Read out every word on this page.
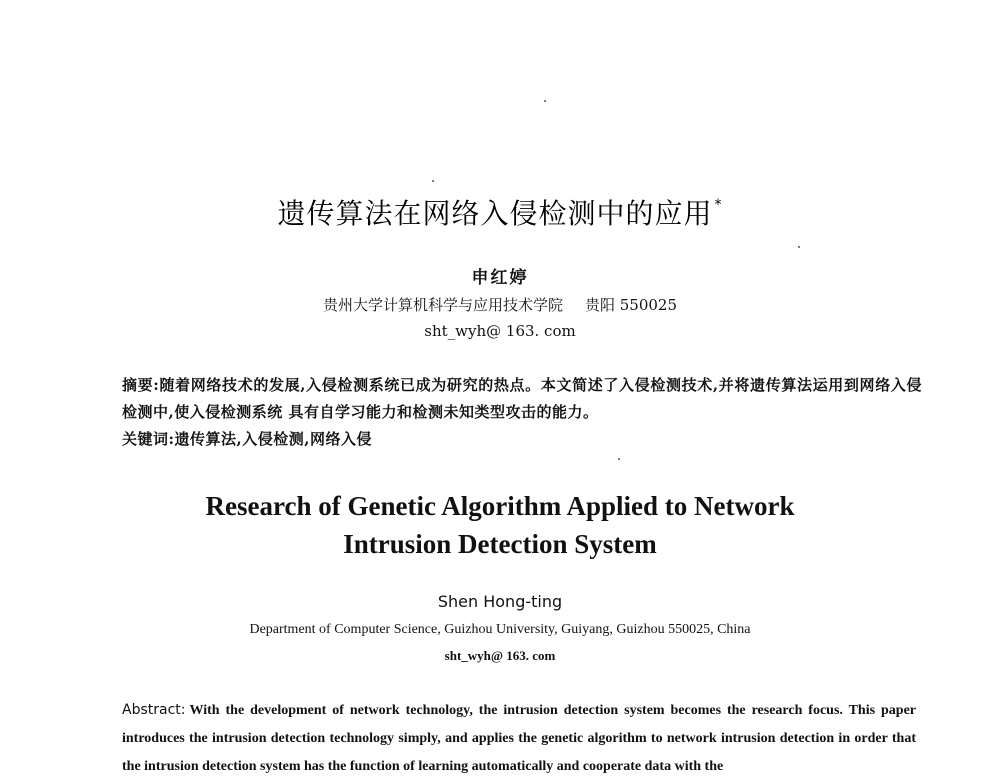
遗传算法在网络入侵检测中的应用 *
申红婷
贵州大学计算机科学与应用技术学院 贵阳 550025
sht_wyh@ 163. com
摘要:随着网络技术的发展,入侵检测系统已成为研究的热点。本文简述了入侵检测技术,并将遗传算法运用到网络入侵检测中,使入侵检测系统 具有自学习能力和检测未知类型攻击的能力。
关键词:遗传算法,入侵检测,网络入侵
Research of Genetic Algorithm Applied to Network
Intrusion Detection System
Shen Hong-ting
Department of Computer Science, Guizhou University, Guiyang, Guizhou 550025, China
sht_wyh@ 163. com
Abstract: With the development of network technology, the intrusion detection system becomes the research focus. This paper introduces the intrusion detection technology simply, and applies the genetic algorithm to network intrusion detection in order that the intrusion detection system has the function of learning automatically and cooperate data with the
